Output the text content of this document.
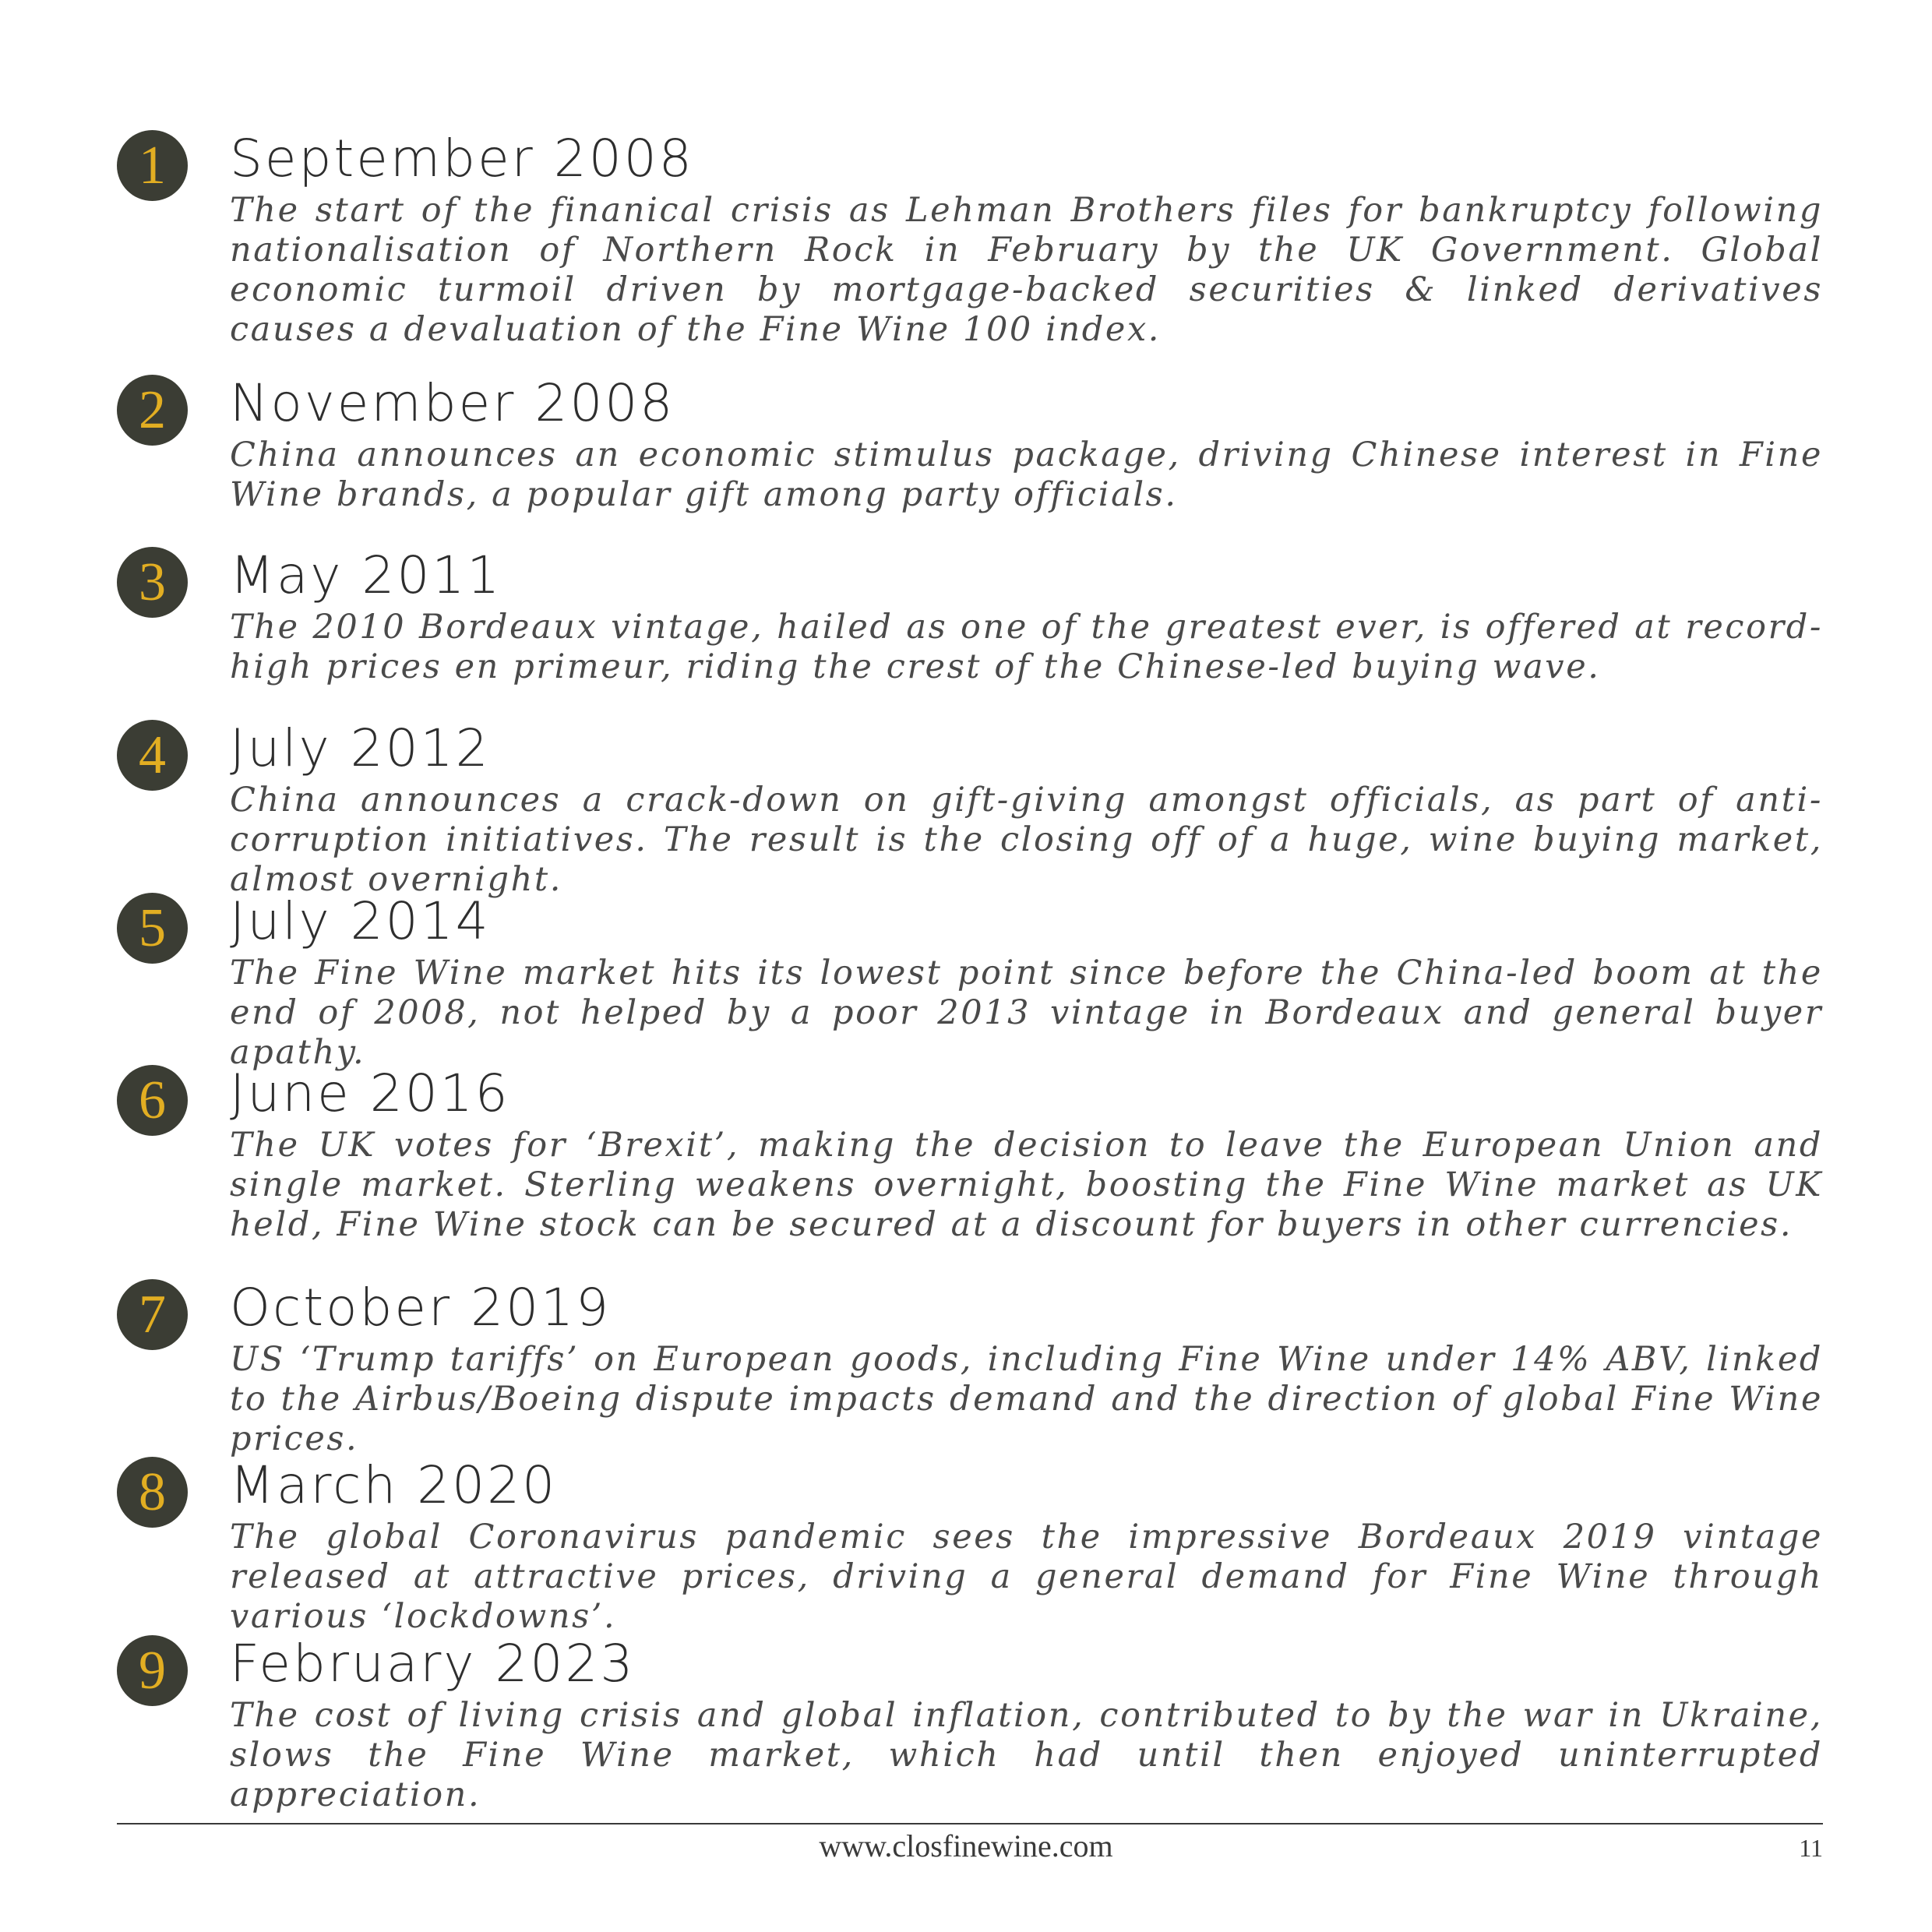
1	September 2008
The start of the finanical crisis as Lehman Brothers files for bankruptcy following nationalisation of Northern Rock in February by the UK Government. Global economic turmoil driven by mortgage-backed securities & linked derivatives causes a devaluation of the Fine Wine 100 index.
2	November 2008
China announces an economic stimulus package, driving Chinese interest in Fine Wine brands, a popular gift among party officials.
3	May 2011
The 2010 Bordeaux vintage, hailed as one of the greatest ever, is offered at record-high prices en primeur, riding the crest of the Chinese-led buying wave.
4	July 2012
China announces a crack-down on gift-giving amongst officials, as part of anti-corruption initiatives. The result is the closing off of a huge, wine buying market, almost overnight.
5	July 2014
The Fine Wine market hits its lowest point since before the China-led boom at the end of 2008, not helped by a poor 2013 vintage in Bordeaux and general buyer apathy.
6	June 2016
The UK votes for ‘Brexit’, making the decision to leave the European Union and single market. Sterling weakens overnight, boosting the Fine Wine market as UK held, Fine Wine stock can be secured at a discount for buyers in other currencies.
7	October 2019
US ‘Trump tariffs’ on European goods, including Fine Wine under 14% ABV, linked to the Airbus/Boeing dispute impacts demand and the direction of global Fine Wine prices.
8	March 2020
The global Coronavirus pandemic sees the impressive Bordeaux 2019 vintage released at attractive prices, driving a general demand for Fine Wine through various ‘lockdowns’.
9	February 2023
The cost of living crisis and global inflation, contributed to by the war in Ukraine, slows the Fine Wine market, which had until then enjoyed uninterrupted appreciation.
www.closfinewine.com	11
